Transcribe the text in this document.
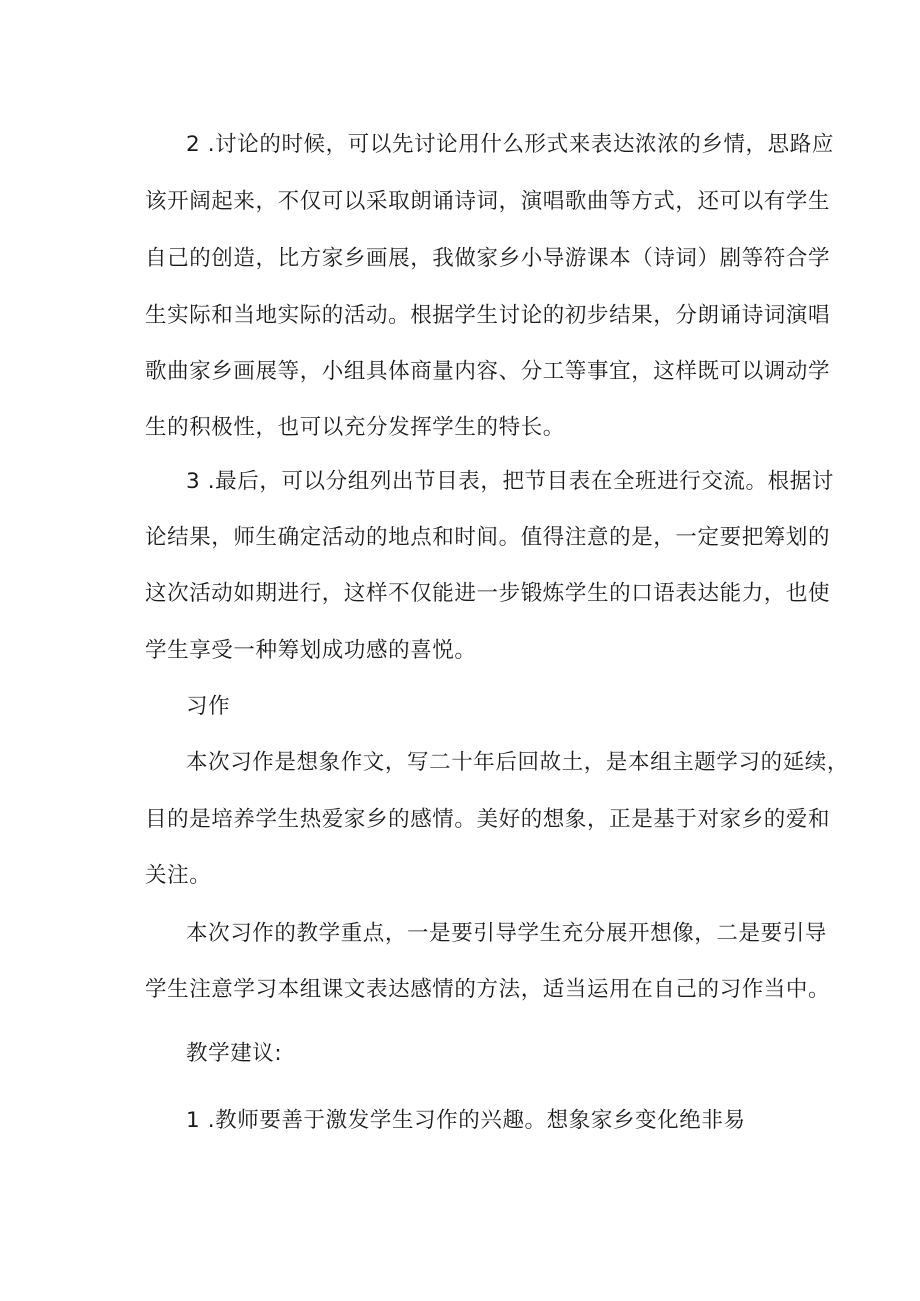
2 .讨论的时候，可以先讨论用什么形式来表达浓浓的乡情，思路应
该开阔起来，不仅可以采取朗诵诗词，演唱歌曲等方式，还可以有学生
自己的创造，比方家乡画展，我做家乡小导游课本（诗词）剧等符合学
生实际和当地实际的活动。根据学生讨论的初步结果，分朗诵诗词演唱
歌曲家乡画展等，小组具体商量内容、分工等事宜，这样既可以调动学
生的积极性，也可以充分发挥学生的特长。
3 .最后，可以分组列出节目表，把节目表在全班进行交流。根据讨
论结果，师生确定活动的地点和时间。值得注意的是，一定要把筹划的
这次活动如期进行，这样不仅能进一步锻炼学生的口语表达能力，也使
学生享受一种筹划成功感的喜悦。
习作
本次习作是想象作文，写二十年后回故土，是本组主题学习的延续，
目的是培养学生热爱家乡的感情。美好的想象，正是基于对家乡的爱和
关注。
本次习作的教学重点，一是要引导学生充分展开想像，二是要引导
学生注意学习本组课文表达感情的方法，适当运用在自己的习作当中。
教学建议:
1 .教师要善于激发学生习作的兴趣。想象家乡变化绝非易
